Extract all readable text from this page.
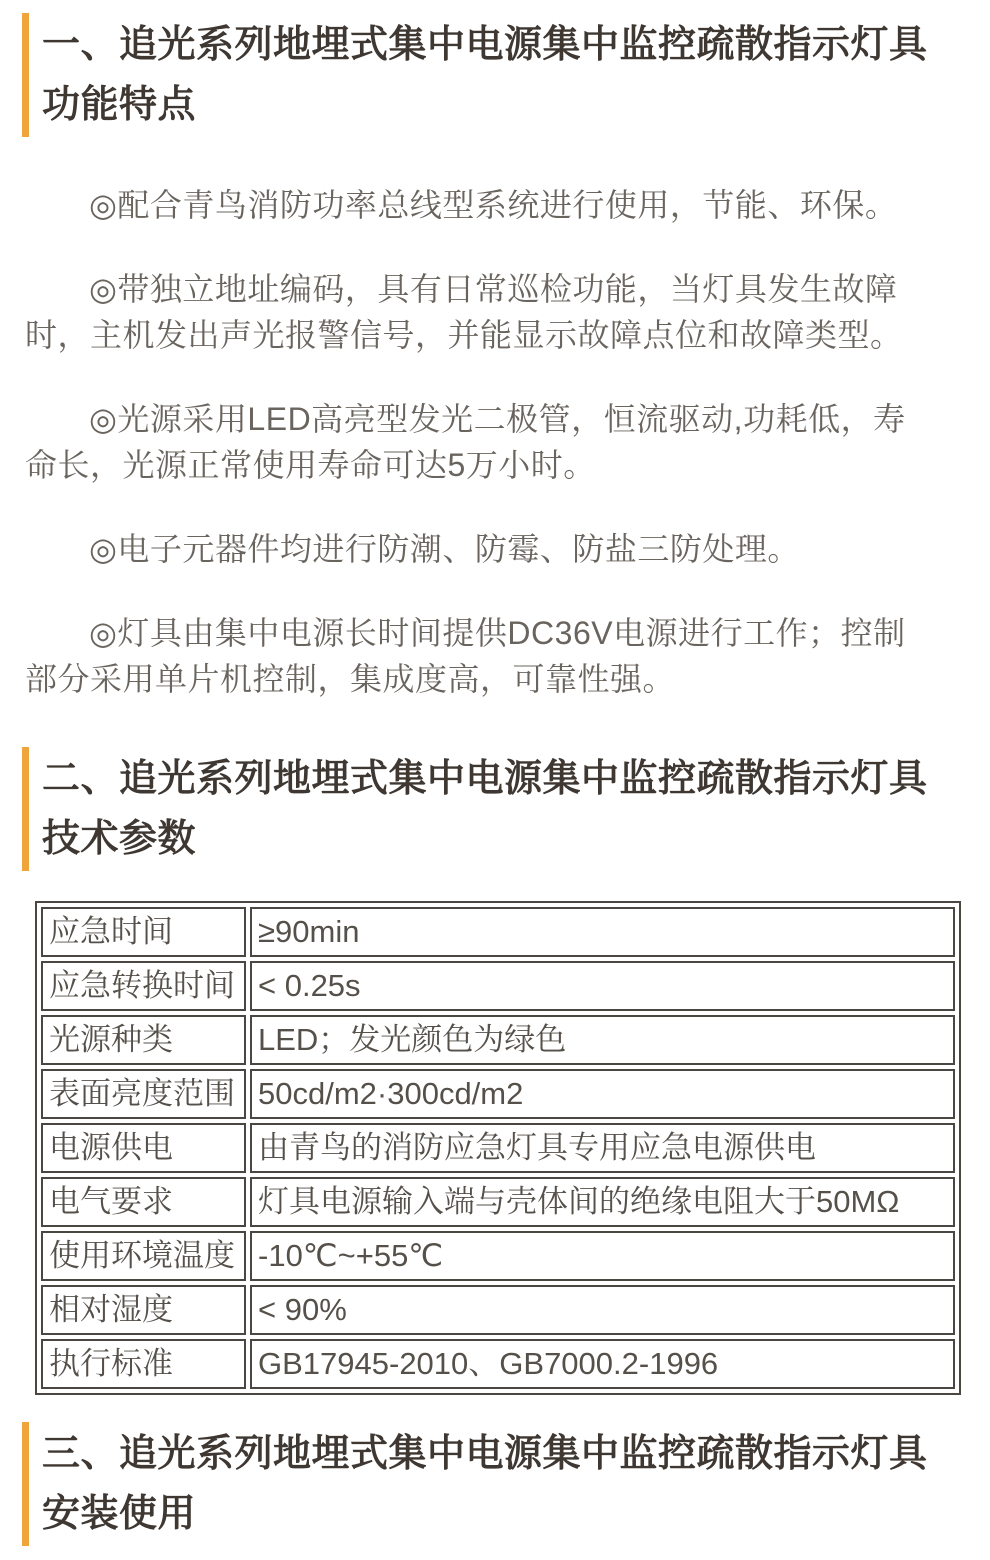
一、追光系列地埋式集中电源集中监控疏散指示灯具功能特点

◎配合青鸟消防功率总线型系统进行使用，节能、环保。

◎带独立地址编码，具有日常巡检功能，当灯具发生故障时，主机发出声光报警信号，并能显示故障点位和故障类型。

◎光源采用LED高亮型发光二极管，恒流驱动,功耗低，寿命长，光源正常使用寿命可达5万小时。

◎电子元器件均进行防潮、防霉、防盐三防处理。

◎灯具由集中电源长时间提供DC36V电源进行工作；控制部分采用单片机控制，集成度高，可靠性强。

二、追光系列地埋式集中电源集中监控疏散指示灯具技术参数
应急时间	≥90min
应急转换时间	< 0.25s
光源种类	LED；发光颜色为绿色
表面亮度范围	50cd/m2·300cd/m2
电源供电	由青鸟的消防应急灯具专用应急电源供电
电气要求	灯具电源输入端与壳体间的绝缘电阻大于50MΩ
使用环境温度	-10℃~+55℃
相对湿度	< 90%
执行标准	GB17945-2010、GB7000.2-1996
三、追光系列地埋式集中电源集中监控疏散指示灯具安装使用
